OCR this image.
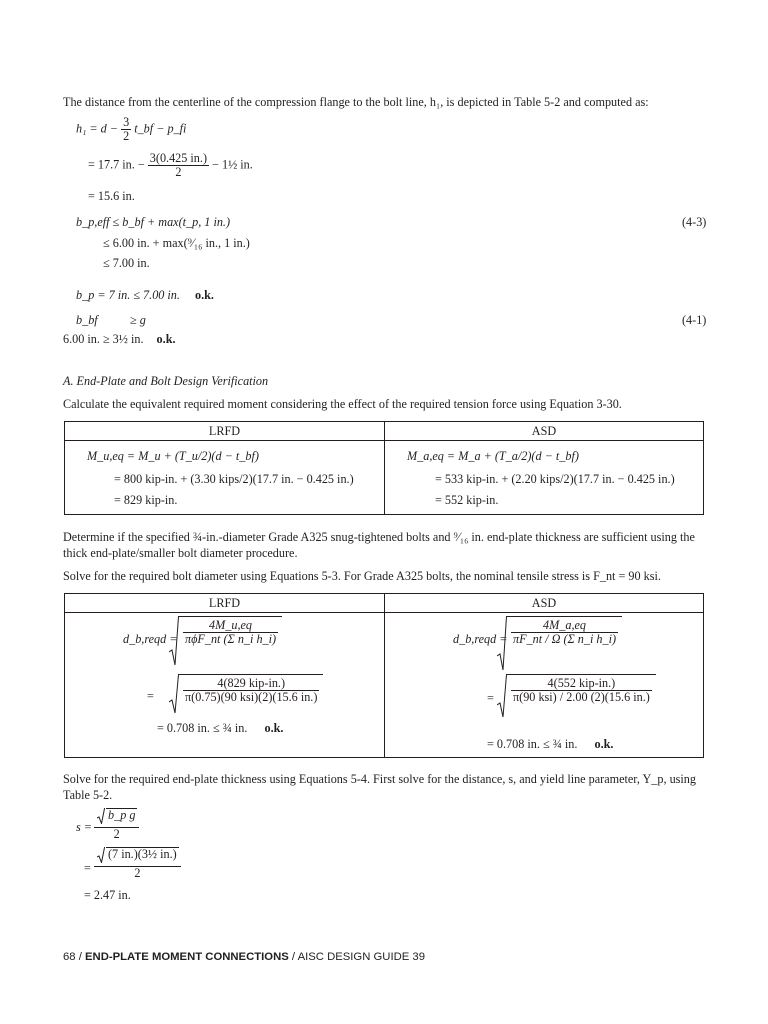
The distance from the centerline of the compression flange to the bolt line, h₁, is depicted in Table 5-2 and computed as:
$h_1 = d - \frac{3}{2}$ t_bf − p_fi
= 17.7 in. − $\frac{3(0.425 in.)}{2}$ − 1½ in.
= 15.6 in.
b_p,eff ≤ b_bf + max(t_p, 1 in.)	(4-3)
≤ 6.00 in. + max(⁹⁄₁₆ in., 1 in.)
≤ 7.00 in.
b_p = 7 in. ≤ 7.00 in. o.k.
b_bf	≥ g	(4-1)
6.00 in. ≥ 3½ in. o.k.
A. End-Plate and Bolt Design Verification
Calculate the equivalent required moment considering the effect of the required tension force using Equation 3-30.
LRFD	ASD
M_u,eq = M_u + (T_u/2)(d − t_bf)
= 800 kip-in. + (3.30 kips/2)(17.7 in. − 0.425 in.)
= 829 kip-in.
M_a,eq = M_a + (T_a/2)(d − t_bf)
= 533 kip-in. + (2.20 kips/2)(17.7 in. − 0.425 in.)
= 552 kip-in.
Determine if the specified ¾-in.-diameter Grade A325 snug-tightened bolts and ⁹⁄₁₆ in. end-plate thickness are sufficient using the
thick end-plate/smaller bolt diameter procedure.
Solve for the required bolt diameter using Equations 5-3. For Grade A325 bolts, the nominal tensile stress is F_nt = 90 ksi.
LRFD	ASD
d_b,reqd = $\frac{4M\_u,eq}{\text{πϕF\_nt (Σ n\_i h\_i)}}$
= $\frac{\text{4(829 kip-in.)}}{\text{π(0.75)(90 ksi)(2)(15.6 in.)}}$
= 0.708 in. ≤ ¾ in. o.k.
d_b,reqd = $\frac{4M\_a,eq}{\text{πF\_nt / Ω (Σ n\_i h\_i)}}$
= $\frac{\text{4(552 kip-in.)}}{\text{π(90 ksi) / 2.00 (2)(15.6 in.)}}$
= 0.708 in. ≤ ¾ in. o.k.
Solve for the required end-plate thickness using Equations 5-4. First solve for the distance, s, and yield line parameter, Y_p, using
Table 5-2.
$s = \frac{\text{b\_p g}}{2}$
= $\frac{\text{(7 in.)(3½ in.)}}{2}$
= 2.47 in.
68 / END-PLATE MOMENT CONNECTIONS / AISC DESIGN GUIDE 39
